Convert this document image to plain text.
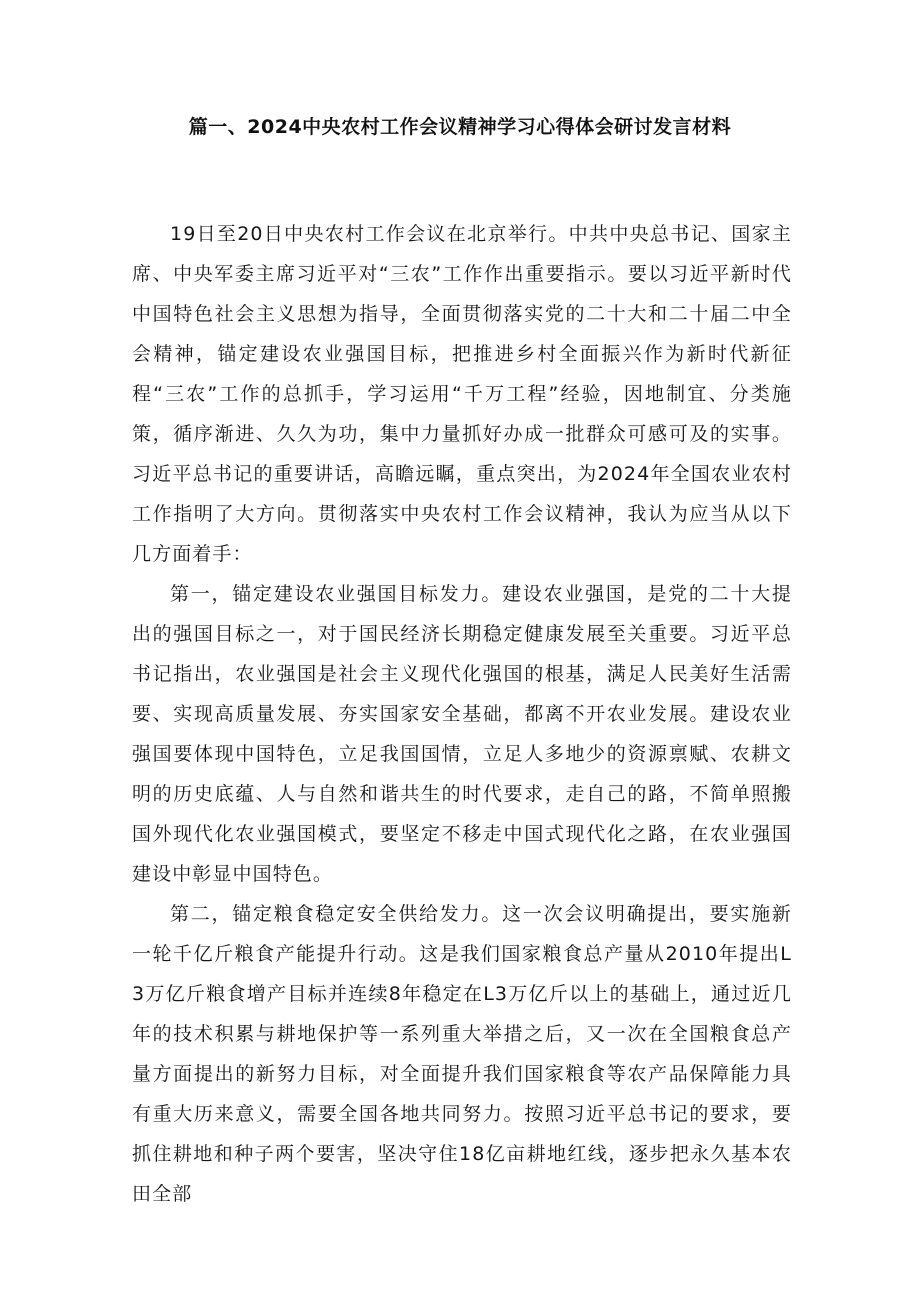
篇一、2024中央农村工作会议精神学习心得体会研讨发言材料

19日至20日中央农村工作会议在北京举行。中共中央总书记、国家主席、中央军委主席习近平对“三农”工作作出重要指示。要以习近平新时代中国特色社会主义思想为指导，全面贯彻落实党的二十大和二十届二中全会精神，锚定建设农业强国目标，把推进乡村全面振兴作为新时代新征程“三农”工作的总抓手，学习运用“千万工程”经验，因地制宜、分类施策，循序渐进、久久为功，集中力量抓好办成一批群众可感可及的实事。习近平总书记的重要讲话，高瞻远瞩，重点突出，为2024年全国农业农村工作指明了大方向。贯彻落实中央农村工作会议精神，我认为应当从以下几方面着手：

第一，锚定建设农业强国目标发力。建设农业强国，是党的二十大提出的强国目标之一，对于国民经济长期稳定健康发展至关重要。习近平总书记指出，农业强国是社会主义现代化强国的根基，满足人民美好生活需要、实现高质量发展、夯实国家安全基础，都离不开农业发展。建设农业强国要体现中国特色，立足我国国情，立足人多地少的资源禀赋、农耕文明的历史底蕴、人与自然和谐共生的时代要求，走自己的路，不简单照搬国外现代化农业强国模式，要坚定不移走中国式现代化之路，在农业强国建设中彰显中国特色。

第二，锚定粮食稳定安全供给发力。这一次会议明确提出，要实施新一轮千亿斤粮食产能提升行动。这是我们国家粮食总产量从2010年提出L3万亿斤粮食增产目标并连续8年稳定在L3万亿斤以上的基础上，通过近几年的技术积累与耕地保护等一系列重大举措之后，又一次在全国粮食总产量方面提出的新努力目标，对全面提升我们国家粮食等农产品保障能力具有重大历来意义，需要全国各地共同努力。按照习近平总书记的要求，要抓住耕地和种子两个要害，坚决守住18亿亩耕地红线，逐步把永久基本农田全部
